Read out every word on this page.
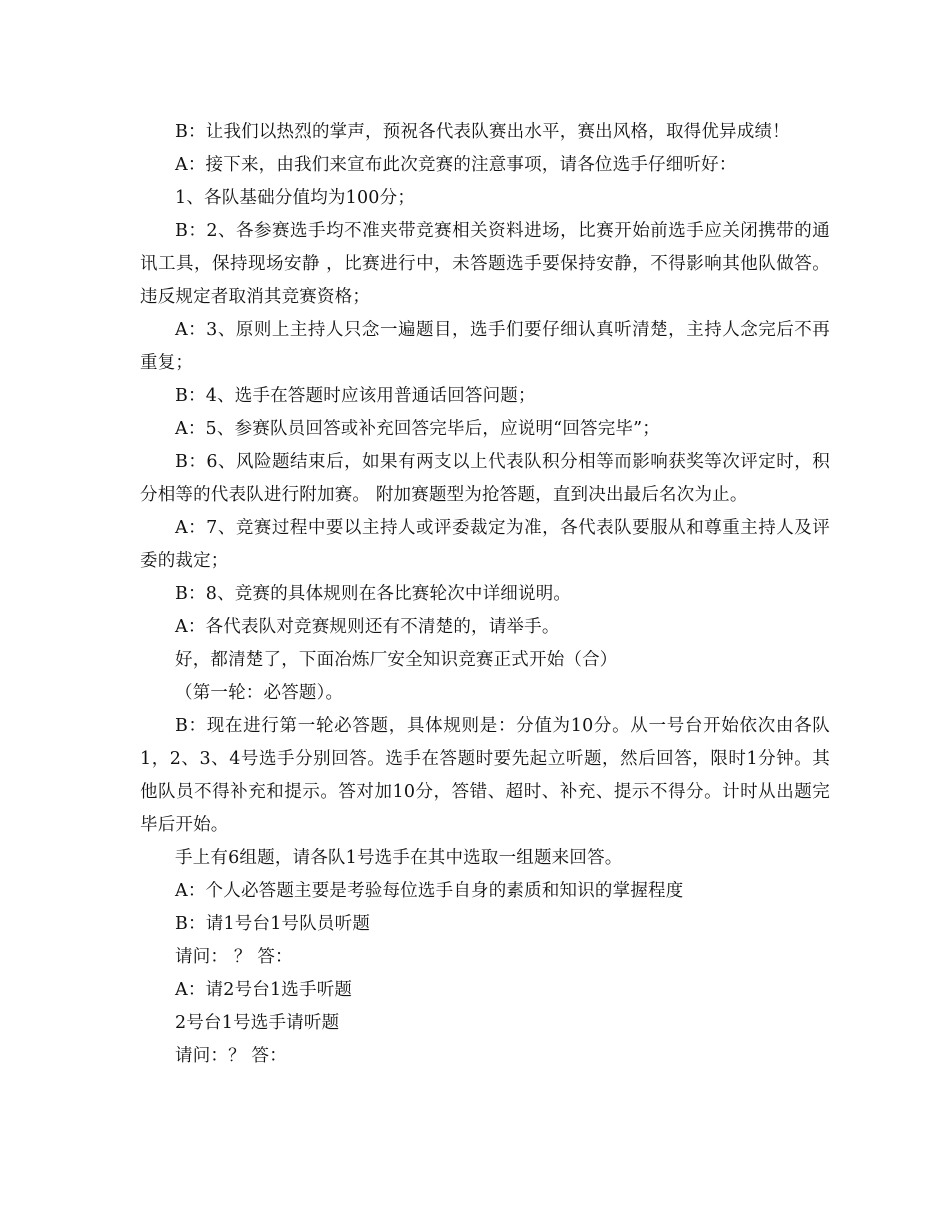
B：让我们以热烈的掌声，预祝各代表队赛出水平，赛出风格，取得优异成绩！

A：接下来，由我们来宣布此次竞赛的注意事项，请各位选手仔细听好：

1、各队基础分值均为100分；

B：2、各参赛选手均不准夹带竞赛相关资料进场，比赛开始前选手应关闭携带的通讯工具，保持现场安静 ，比赛进行中，未答题选手要保持安静，不得影响其他队做答。违反规定者取消其竞赛资格；

A：3、原则上主持人只念一遍题目，选手们要仔细认真听清楚，主持人念完后不再重复；

B：4、选手在答题时应该用普通话回答问题；

A：5、参赛队员回答或补充回答完毕后，应说明“回答完毕”；

B：6、风险题结束后，如果有两支以上代表队积分相等而影响获奖等次评定时，积分相等的代表队进行附加赛。 附加赛题型为抢答题，直到决出最后名次为止。

A：7、竞赛过程中要以主持人或评委裁定为准，各代表队要服从和尊重主持人及评委的裁定；

B：8、竞赛的具体规则在各比赛轮次中详细说明。

A：各代表队对竞赛规则还有不清楚的，请举手。

好，都清楚了，下面冶炼厂安全知识竞赛正式开始（合）

（第一轮：必答题）。

B：现在进行第一轮必答题，具体规则是：分值为10分。从一号台开始依次由各队1，2、3、4号选手分别回答。选手在答题时要先起立听题，然后回答，限时1分钟。其他队员不得补充和提示。答对加10分，答错、超时、补充、提示不得分。计时从出题完毕后开始。

手上有6组题，请各队1号选手在其中选取一组题来回答。

A：个人必答题主要是考验每位选手自身的素质和知识的掌握程度

B：请1号台1号队员听题

请问： ？ 答：

A：请2号台1选手听题

2号台1号选手请听题

请问：？ 答：
